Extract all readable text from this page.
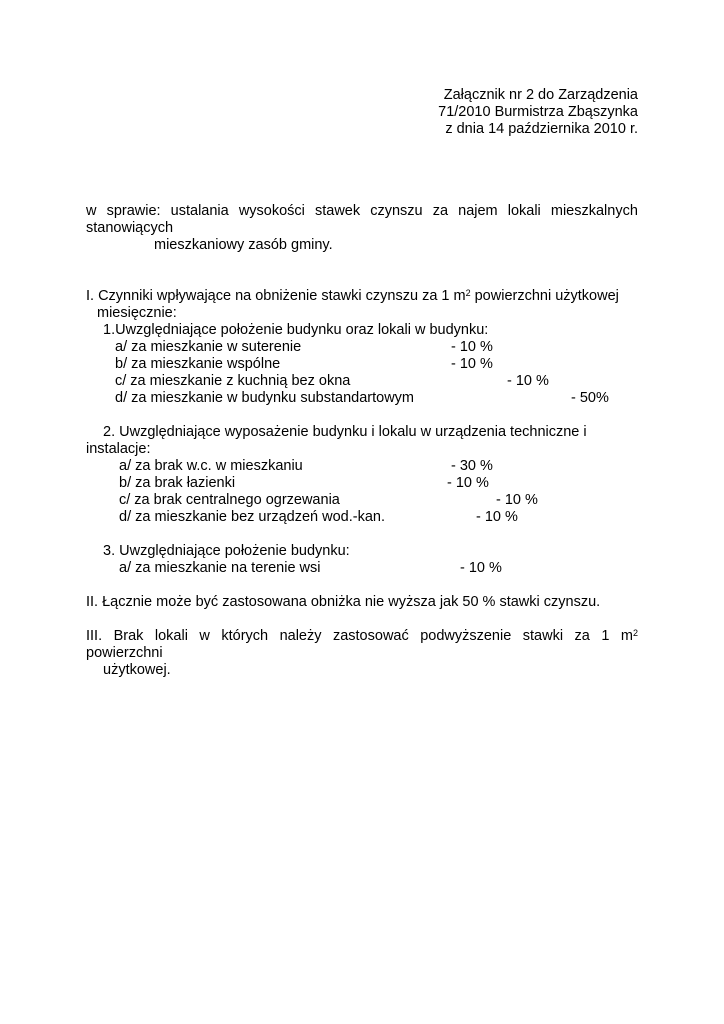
Załącznik nr 2 do Zarządzenia
71/2010 Burmistrza Zbąszynka
z dnia 14 października 2010 r.
w sprawie: ustalania wysokości stawek czynszu za najem lokali mieszkalnych
stanowiących
mieszkaniowy zasób gminy.
I. Czynniki wpływające na obniżenie stawki czynszu za 1 $m^2$ powierzchni użytkowej
miesięcznie:
1.Uwzględniające położenie budynku oraz lokali w budynku:
a/ za mieszkanie w suterenie	- 10 %
b/ za mieszkanie wspólne	- 10 %
c/ za mieszkanie z kuchnią bez okna	- 10 %
d/ za mieszkanie w budynku substandartowym	- 50%
2. Uwzględniające wyposażenie budynku i lokalu w urządzenia techniczne i
instalacje:
a/ za brak w.c. w mieszkaniu	- 30 %
b/ za brak łazienki	- 10 %
c/ za brak centralnego ogrzewania	- 10 %
d/ za mieszkanie bez urządzeń wod.-kan.	- 10 %
3. Uwzględniające położenie budynku:
a/ za mieszkanie na terenie wsi	- 10 %
II. Łącznie może być zastosowana obniżka nie wyższa jak 50 % stawki czynszu.
III. Brak lokali w których należy zastosować podwyższenie stawki za 1 $m^2$
powierzchni
użytkowej.
